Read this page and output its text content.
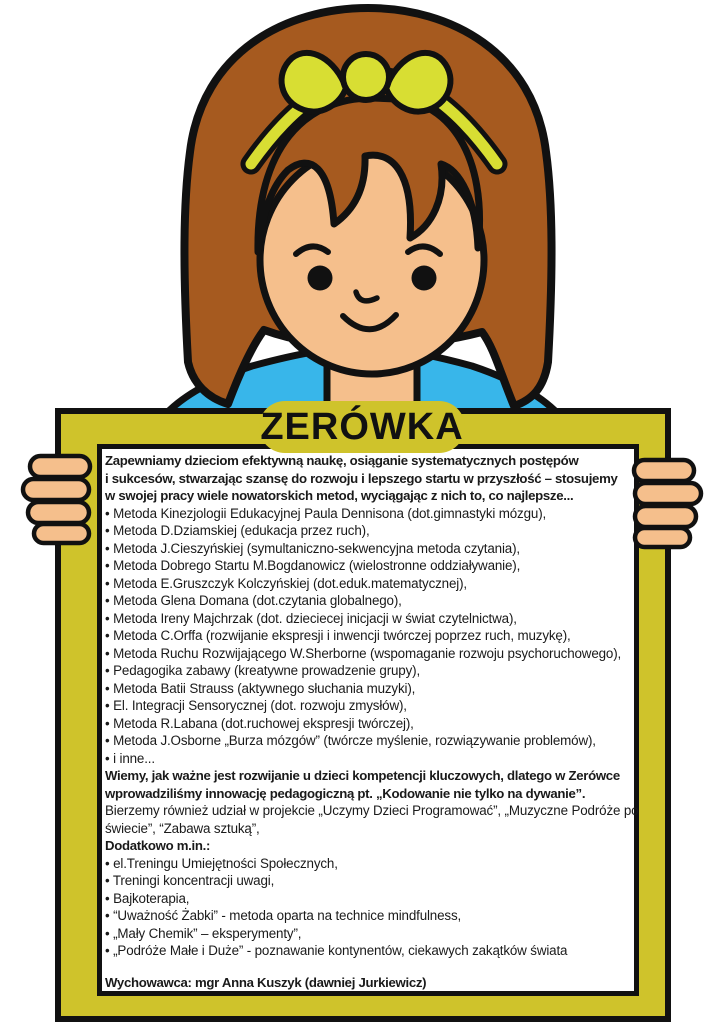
ZERÓWKA
Zapewniamy dzieciom efektywną naukę, osiąganie systematycznych postępów
i sukcesów, stwarzając szansę do rozwoju i lepszego startu w przyszłość – stosujemy
w swojej pracy wiele nowatorskich metod, wyciągając z nich to, co najlepsze...
• Metoda Kinezjologii Edukacyjnej Paula Dennisona (dot.gimnastyki mózgu),
• Metoda D.Dziamskiej (edukacja przez ruch),
• Metoda J.Cieszyńskiej (symultaniczno-sekwencyjna metoda czytania),
• Metoda Dobrego Startu M.Bogdanowicz (wielostronne oddziaływanie),
• Metoda E.Gruszczyk Kolczyńskiej (dot.eduk.matematycznej),
• Metoda Glena Domana (dot.czytania globalnego),
• Metoda Ireny Majchrzak (dot. dzieciecej inicjacji w świat czytelnictwa),
• Metoda C.Orffa (rozwijanie ekspresji i inwencji twórczej poprzez ruch, muzykę),
• Metoda Ruchu Rozwijającego W.Sherborne (wspomaganie rozwoju psychoruchowego),
• Pedagogika zabawy (kreatywne prowadzenie grupy),
• Metoda Batii Strauss (aktywnego słuchania muzyki),
• El. Integracji Sensorycznej (dot. rozwoju zmysłów),
• Metoda R.Labana (dot.ruchowej ekspresji twórczej),
• Metoda J.Osborne „Burza mózgów” (twórcze myślenie, rozwiązywanie problemów),
• i inne...
Wiemy, jak ważne jest rozwijanie u dzieci kompetencji kluczowych, dlatego w Zerówce
wprowadziliśmy innowację pedagogiczną pt. „Kodowanie nie tylko na dywanie”.
Bierzemy również udział w projekcie „Uczymy Dzieci Programować”, „Muzyczne Podróże po
świecie”, “Zabawa sztuką”,
Dodatkowo m.in.:
• el.Treningu Umiejętności Społecznych,
• Treningi koncentracji uwagi,
• Bajkoterapia,
• “Uważność Żabki” - metoda oparta na technice mindfulness,
• „Mały Chemik” – eksperymenty”,
• „Podróże Małe i Duże” - poznawanie kontynentów, ciekawych zakątków świata
Wychowawca: mgr Anna Kuszyk (dawniej Jurkiewicz)
